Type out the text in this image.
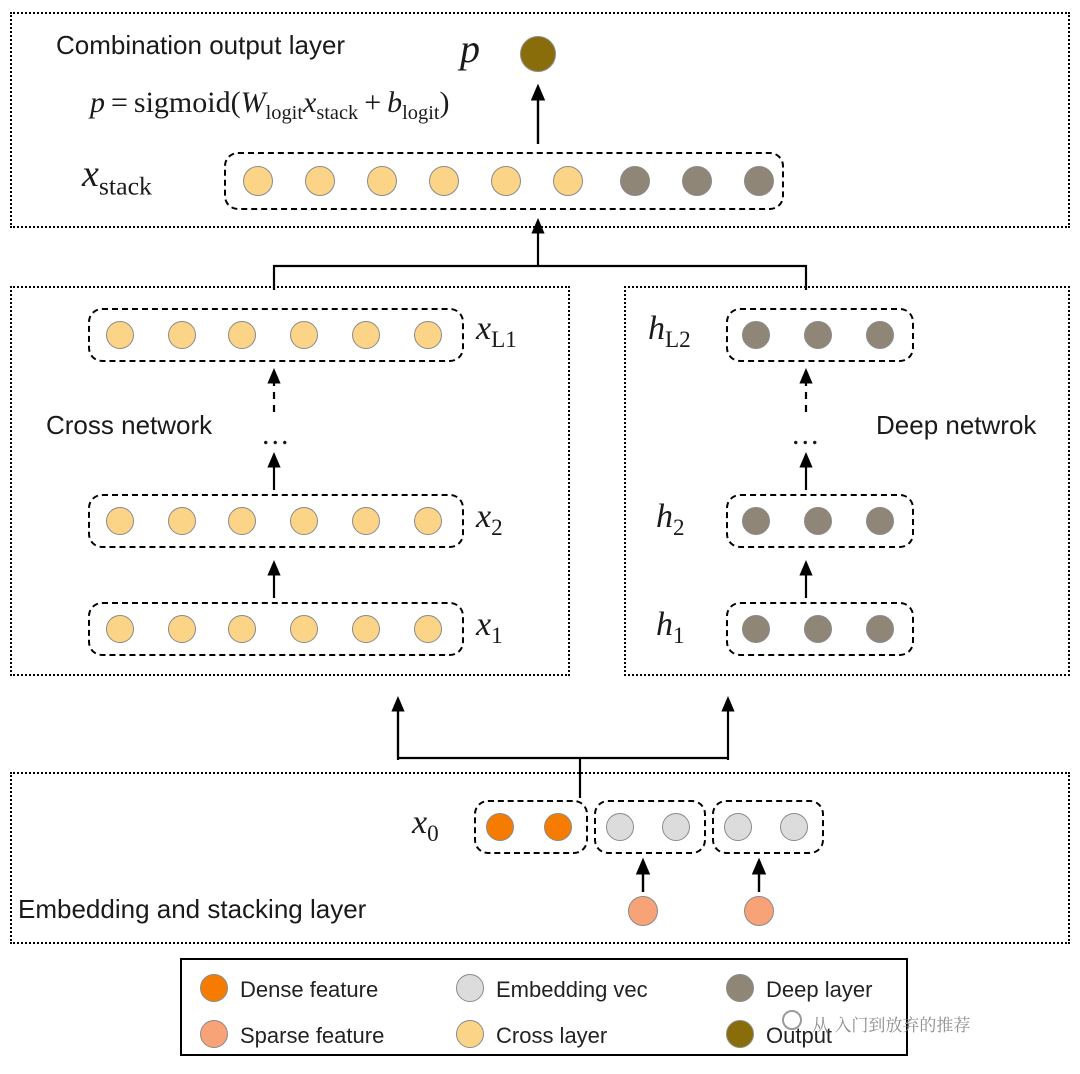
Combination output layer	p
$p = sigmoid(W_{logit}x_{stack} + b_{logit})$
$x_{stack}$
Cross network
$x_{L1}$
...
$x_2$
$x_1$
Deep netwrok
$h_{L2}$
...
$h_2$
$h_1$
Embedding and stacking layer
$x_0$
Dense feature	Embedding vec	Deep layer
Sparse feature	Cross layer	Output
从 入门到放弃的推荐
